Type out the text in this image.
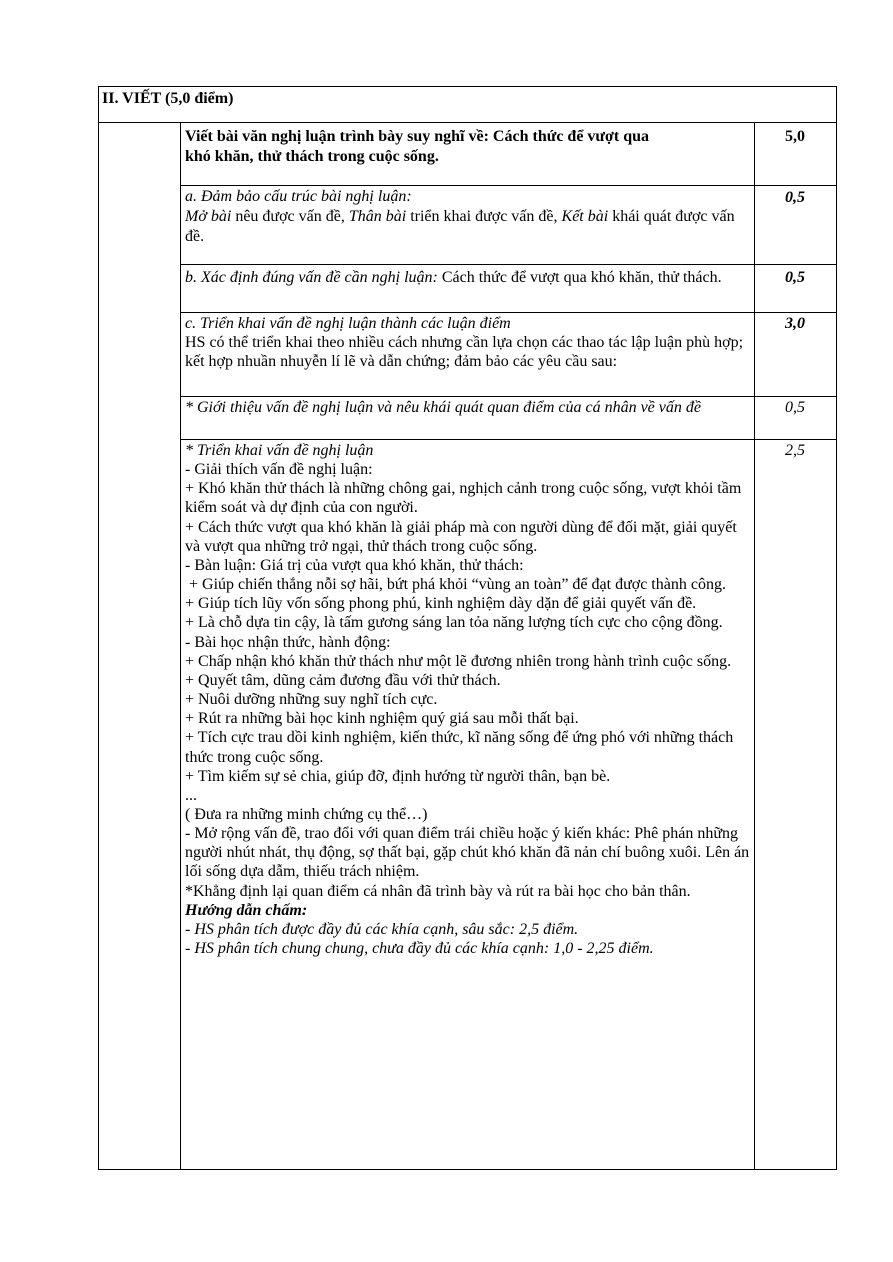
II. VIẾT (5,0 điểm)
Viết bài văn nghị luận trình bày suy nghĩ về: Cách thức để vượt qua
khó khăn, thử thách trong cuộc sống.
5,0
a. Đảm bảo cấu trúc bài nghị luận:
Mở bài nêu được vấn đề, Thân bài triển khai được vấn đề, Kết bài khái quát được vấn đề.
0,5
b. Xác định đúng vấn đề cần nghị luận: Cách thức để vượt qua khó khăn, thử thách.	0,5
c. Triển khai vấn đề nghị luận thành các luận điểm
HS có thể triển khai theo nhiều cách nhưng cần lựa chọn các thao tác lập luận phù hợp; kết hợp nhuần nhuyễn lí lẽ và dẫn chứng; đảm bảo các yêu cầu sau:
3,0
* Giới thiệu vấn đề nghị luận và nêu khái quát quan điểm của cá nhân về vấn đề	0,5
* Triển khai vấn đề nghị luận
- Giải thích vấn đề nghị luận:
+ Khó khăn thử thách là những chông gai, nghịch cảnh trong cuộc sống, vượt khỏi tầm kiểm soát và dự định của con người.
+ Cách thức vượt qua khó khăn là giải pháp mà con người dùng để đối mặt, giải quyết và vượt qua những trở ngại, thử thách trong cuộc sống.
- Bàn luận: Giá trị của vượt qua khó khăn, thử thách:
+ Giúp chiến thắng nỗi sợ hãi, bứt phá khỏi “vùng an toàn” để đạt được thành công.
+ Giúp tích lũy vốn sống phong phú, kinh nghiệm dày dặn để giải quyết vấn đề.
+ Là chỗ dựa tin cậy, là tấm gương sáng lan tỏa năng lượng tích cực cho cộng đồng.
- Bài học nhận thức, hành động:
+ Chấp nhận khó khăn thử thách như một lẽ đương nhiên trong hành trình cuộc sống.
+ Quyết tâm, dũng cảm đương đầu với thử thách.
+ Nuôi dưỡng những suy nghĩ tích cực.
+ Rút ra những bài học kinh nghiệm quý giá sau mỗi thất bại.
+ Tích cực trau dồi kinh nghiệm, kiến thức, kĩ năng sống để ứng phó với những thách thức trong cuộc sống.
+ Tìm kiếm sự sẻ chia, giúp đỡ, định hướng từ người thân, bạn bè.
...
( Đưa ra những minh chứng cụ thể…)
- Mở rộng vấn đề, trao đổi với quan điểm trái chiều hoặc ý kiến khác: Phê phán những người nhút nhát, thụ động, sợ thất bại, gặp chút khó khăn đã nản chí buông xuôi. Lên án lối sống dựa dẫm, thiếu trách nhiệm.
*Khẳng định lại quan điểm cá nhân đã trình bày và rút ra bài học cho bản thân.
Hướng dẫn chấm:
- HS phân tích được đầy đủ các khía cạnh, sâu sắc: 2,5 điểm.
- HS phân tích chung chung, chưa đầy đủ các khía cạnh: 1,0 - 2,25 điểm.
2,5
